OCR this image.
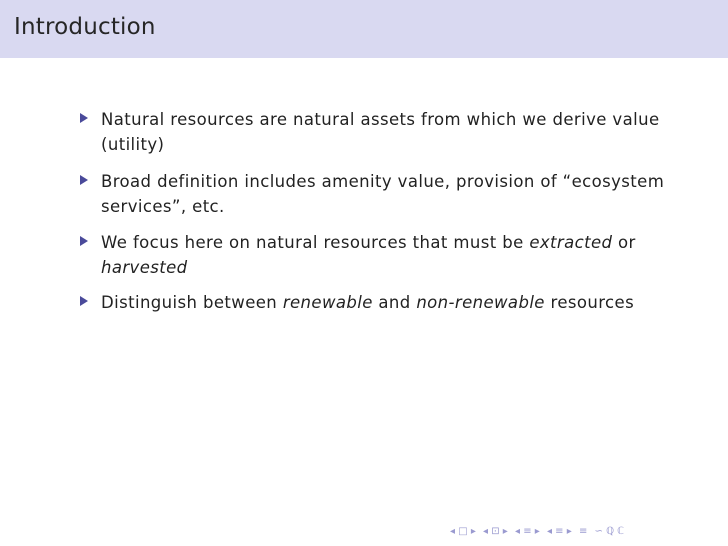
Introduction
Natural resources are natural assets from which we derive value (utility)
Broad definition includes amenity value, provision of “ecosystem services”, etc.
We focus here on natural resources that must be extracted or harvested
Distinguish between renewable and non-renewable resources
◂ □ ▸ ◂ ⊡ ▸ ◂ ≡ ▸ ◂ ≡ ▸ ≡ ∽ ℚ ℂ
